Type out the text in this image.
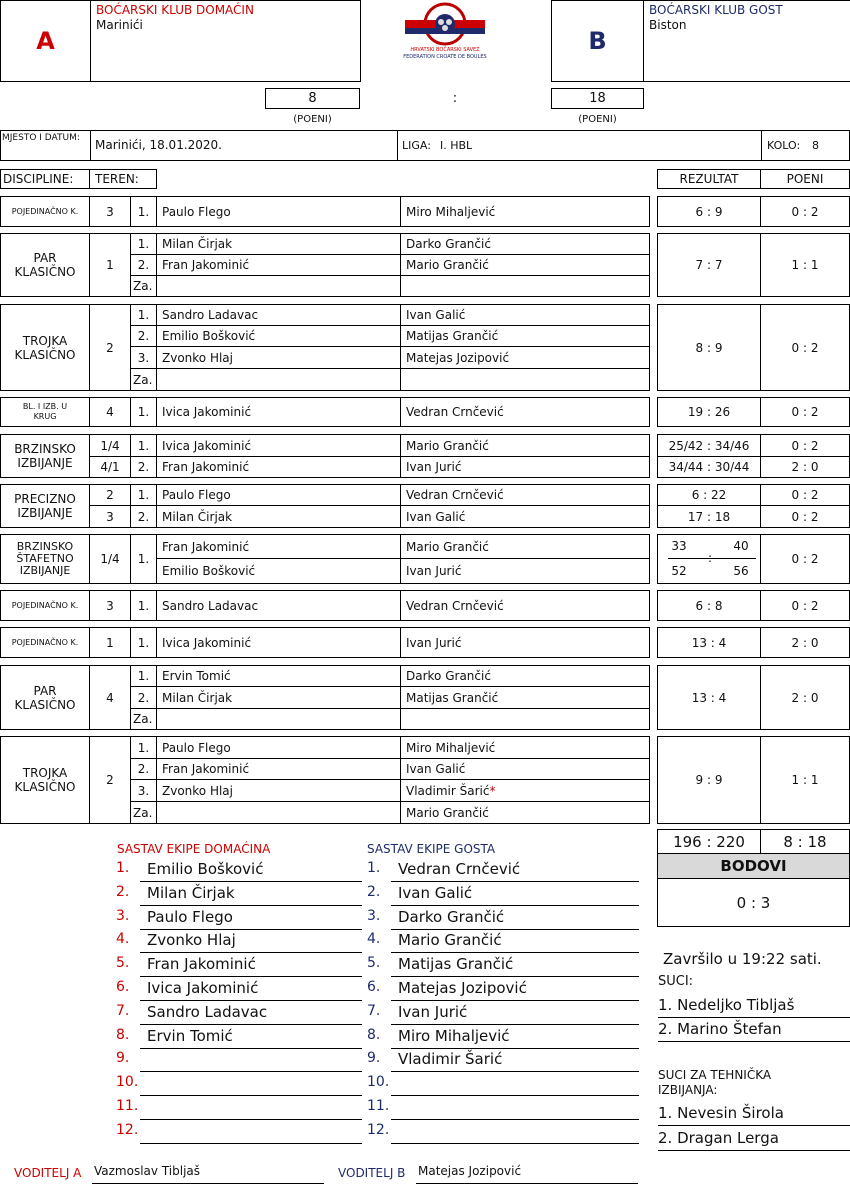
A
BOĆARSKI KLUB DOMAĆIN
Marinići
HRVATSKI BOĆARSKI SAVEZ
FEDERATION CROATE DE BOULES
B
BOĆARSKI KLUB GOST
Biston
8	:	18
(POENI)	(POENI)
MJESTO I DATUM: Marinići, 18.01.2020.	LIGA: I. HBL	KOLO: 8
DISCIPLINE:	TEREN:	REZULTAT	POENI
POJEDINAČNO K.	3	1.	Paulo Flego	Miro Mihaljević	6 : 9	0 : 2
PAR KLASIČNO	1
1.	Milan Čirjak	Darko Grančić
2.	Fran Jakominić	Mario Grančić
Za.
7 : 7	1 : 1
TROJKA KLASIČNO	2
1.	Sandro Ladavac	Ivan Galić
2.	Emilio Bošković	Matijas Grančić
3.	Zvonko Hlaj	Matejas Jozipović
Za.
8 : 9	0 : 2
BL. I IZB. U KRUG	4	1.	Ivica Jakominić	Vedran Crnčević	19 : 26	0 : 2
BRZINSKO IZBIJANJE
1/4	1.	Ivica Jakominić	Mario Grančić	25/42 : 34/46	0 : 2
4/1	2.	Fran Jakominić	Ivan Jurić	34/44 : 30/44	2 : 0
PRECIZNO IZBIJANJE
2	1.	Paulo Flego	Vedran Crnčević	6 : 22	0 : 2
3	2.	Milan Čirjak	Ivan Galić	17 : 18	0 : 2
BRZINSKO ŠTAFETNO IZBIJANJE
1/4	1.
Fran Jakominić	Mario Grančić
Emilio Bošković	Ivan Jurić
33	40
:
52	56
0 : 2
POJEDINAČNO K.	3	1.	Sandro Ladavac	Vedran Crnčević	6 : 8	0 : 2
POJEDINAČNO K.	1	1.	Ivica Jakominić	Ivan Jurić	13 : 4	2 : 0
PAR KLASIČNO	4
1.	Ervin Tomić	Darko Grančić
2.	Milan Čirjak	Matijas Grančić
Za.
13 : 4	2 : 0
TROJKA KLASIČNO	2
1.	Paulo Flego	Miro Mihaljević
2.	Fran Jakominić	Ivan Galić
3.	Zvonko Hlaj	Vladimir Šarić *
Za.	Mario Grančić
9 : 9	1 : 1
196 : 220	8 : 18
BODOVI
0 : 3
SASTAV EKIPE DOMAĆINA	SASTAV EKIPE GOSTA
1.	Emilio Bošković
2.	Milan Čirjak
3.	Paulo Flego
4.	Zvonko Hlaj
5.	Fran Jakominić
6.	Ivica Jakominić
7.	Sandro Ladavac
8.	Ervin Tomić
9.
10.
11.
12.
1.	Vedran Crnčević
2.	Ivan Galić
3.	Darko Grančić
4.	Mario Grančić
5.	Matijas Grančić
6.	Matejas Jozipović
7.	Ivan Jurić
8.	Miro Mihaljević
9.	Vladimir Šarić
10.
11.
12.
Završilo u 19:22 sati.
SUCI:
1. Nedeljko Tibljaš
2. Marino Štefan
SUCI ZA TEHNIČKA IZBIJANJA:
1. Nevesin Širola
2. Dragan Lerga
VODITELJ A Vazmoslav Tibljaš	VODITELJ B Matejas Jozipović
